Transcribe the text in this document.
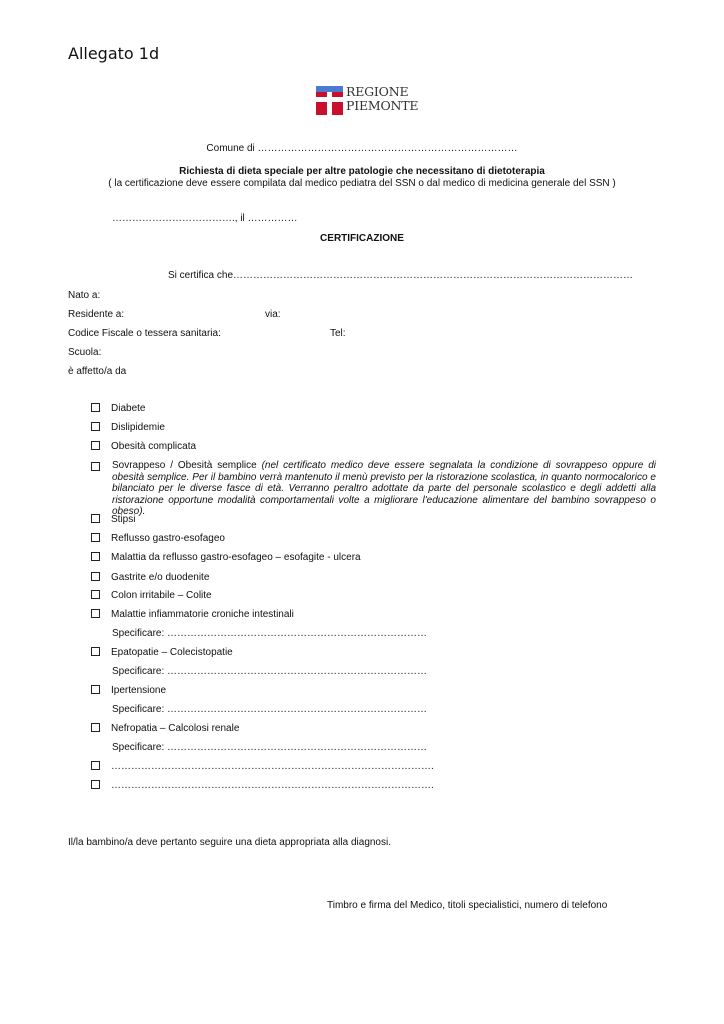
Allegato 1d
REGIONE
PIEMONTE
Comune di ……………………………………………………………………
Richiesta di dieta speciale per altre patologie che necessitano di dietoterapia
( la certificazione deve essere compilata dal medico pediatra del SSN o dal medico di medicina generale del SSN )
………………………………., il ……………
CERTIFICAZIONE
Si certifica che…………………………………………………………………………………………………………
Nato a:
Residente a:	via:
Codice Fiscale o tessera sanitaria:	Tel:
Scuola:
è affetto/a da
Diabete
Dislipidemie
Obesità complicata
Sovrappeso / Obesità semplice (nel certificato medico deve essere segnalata la condizione di sovrappeso oppure di obesità semplice. Per il bambino verrà mantenuto il menù previsto per la ristorazione scolastica, in quanto normocalorico e bilanciato per le diverse fasce di età. Verranno peraltro adottate da parte del personale scolastico e degli addetti alla ristorazione opportune modalità comportamentali volte a migliorare l'educazione alimentare del bambino sovrappeso o obeso).
Stipsi
Reflusso gastro-esofageo
Malattia da reflusso gastro-esofageo – esofagite - ulcera
Gastrite e/o duodenite
Colon irritabile – Colite
Malattie infiammatorie croniche intestinali
Specificare: ……………………………………………………………………
Epatopatie – Colecistopatie
Specificare: ……………………………………………………………………
Ipertensione
Specificare: ……………………………………………………………………
Nefropatia – Calcolosi renale
Specificare: ……………………………………………………………………
…………………………………………………………………………………….
…………………………………………………………………………………….
Il/la bambino/a deve pertanto seguire una dieta appropriata alla diagnosi.
Timbro e firma del Medico, titoli specialistici, numero di telefono
